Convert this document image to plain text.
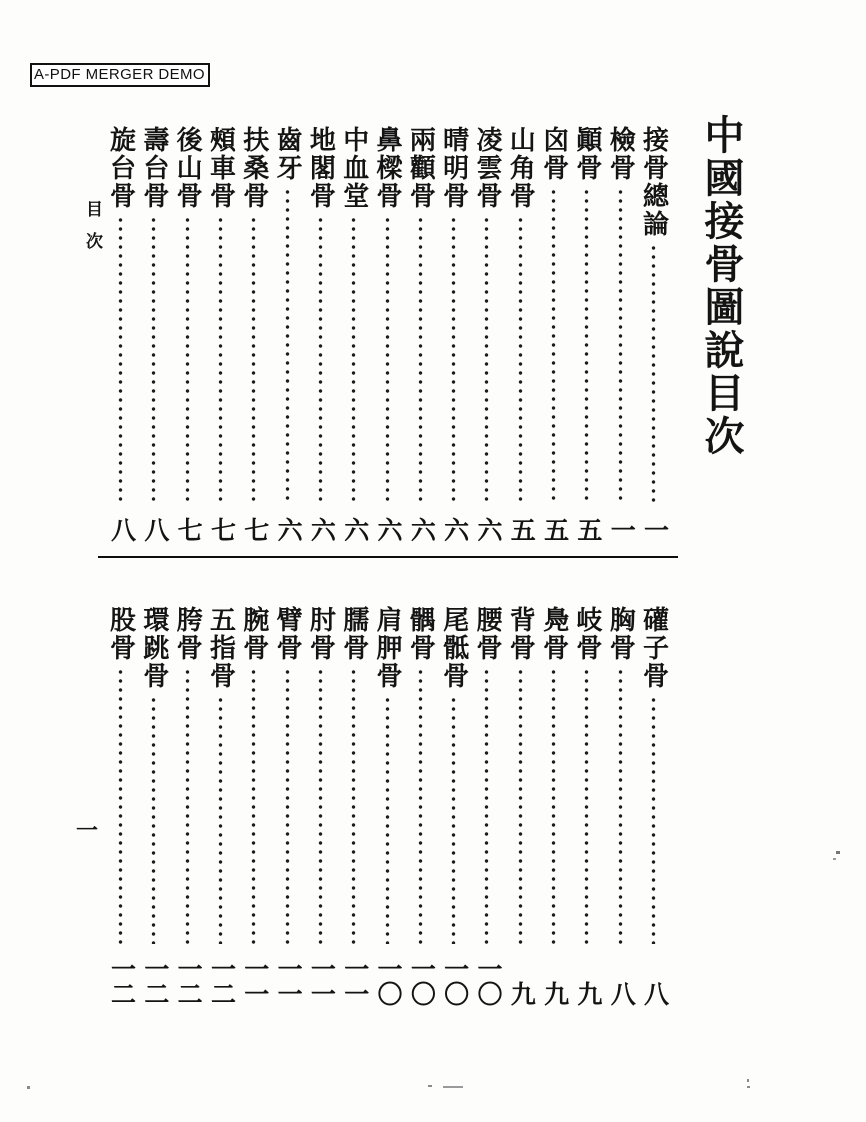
A-PDF MERGER DEMO
中國接骨圖說目次
目次
一
接骨總論
一
檢骨
一
顚骨
五
囟骨
五
山角骨
五
凌雲骨
六
晴明骨
六
兩顴骨
六
鼻樑骨
六
中血堂
六
地閣骨
六
齒牙
六
扶桑骨
七
頰車骨
七
後山骨
七
壽台骨
八
旋台骨
八
礶子骨
八
胸骨
八
岐骨
九
鳧骨
九
背骨
九
腰骨
一〇
尾骶骨
一〇
髃骨
一〇
肩胛骨
一〇
臑骨
一一
肘骨
一一
臂骨
一一
腕骨
一一
五指骨
一二
胯骨
一二
環跳骨
一二
股骨
一二
